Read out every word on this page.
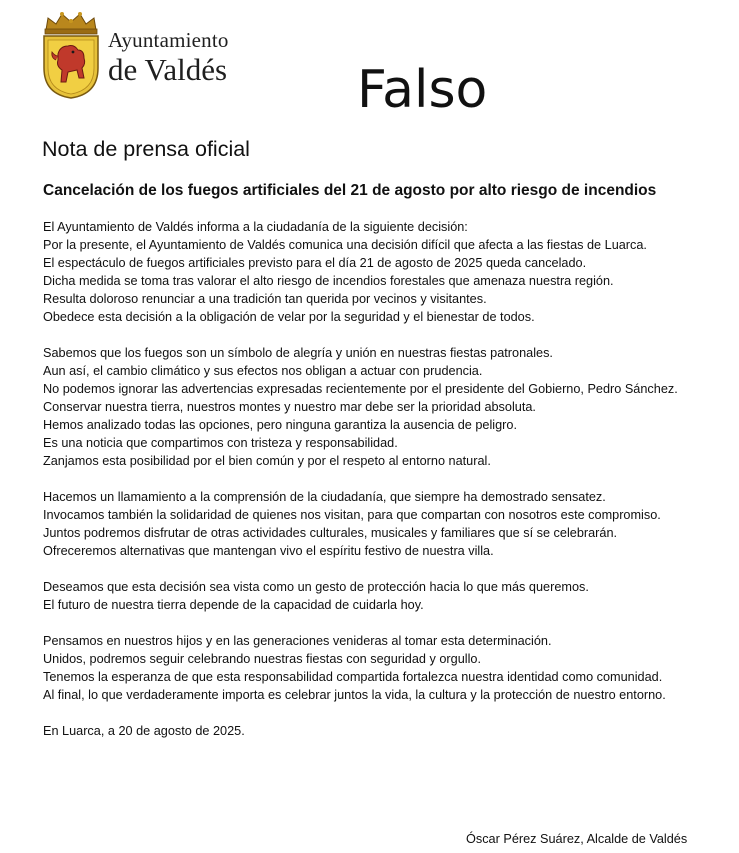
Ayuntamiento
de Valdés Falso
Nota de prensa oficial
Cancelación de los fuegos artificiales del 21 de agosto por alto riesgo de incendios

El Ayuntamiento de Valdés informa a la ciudadanía de la siguiente decisión:

Por la presente, el Ayuntamiento de Valdés comunica una decisión difícil que afecta a las fiestas de Luarca.

El espectáculo de fuegos artificiales previsto para el día 21 de agosto de 2025 queda cancelado.

Dicha medida se toma tras valorar el alto riesgo de incendios forestales que amenaza nuestra región.

Resulta doloroso renunciar a una tradición tan querida por vecinos y visitantes.

Obedece esta decisión a la obligación de velar por la seguridad y el bienestar de todos.

Sabemos que los fuegos son un símbolo de alegría y unión en nuestras fiestas patronales.

Aun así, el cambio climático y sus efectos nos obligan a actuar con prudencia.

No podemos ignorar las advertencias expresadas recientemente por el presidente del Gobierno, Pedro Sánchez.

Conservar nuestra tierra, nuestros montes y nuestro mar debe ser la prioridad absoluta.

Hemos analizado todas las opciones, pero ninguna garantiza la ausencia de peligro.

Es una noticia que compartimos con tristeza y responsabilidad.

Zanjamos esta posibilidad por el bien común y por el respeto al entorno natural.

Hacemos un llamamiento a la comprensión de la ciudadanía, que siempre ha demostrado sensatez.

Invocamos también la solidaridad de quienes nos visitan, para que compartan con nosotros este compromiso.

Juntos podremos disfrutar de otras actividades culturales, musicales y familiares que sí se celebrarán.

Ofreceremos alternativas que mantengan vivo el espíritu festivo de nuestra villa.

Deseamos que esta decisión sea vista como un gesto de protección hacia lo que más queremos.

El futuro de nuestra tierra depende de la capacidad de cuidarla hoy.

Pensamos en nuestros hijos y en las generaciones venideras al tomar esta determinación.

Unidos, podremos seguir celebrando nuestras fiestas con seguridad y orgullo.

Tenemos la esperanza de que esta responsabilidad compartida fortalezca nuestra identidad como comunidad.

Al final, lo que verdaderamente importa es celebrar juntos la vida, la cultura y la protección de nuestro entorno.

En Luarca, a 20 de agosto de 2025.

Óscar Pérez Suárez, Alcalde de Valdés
